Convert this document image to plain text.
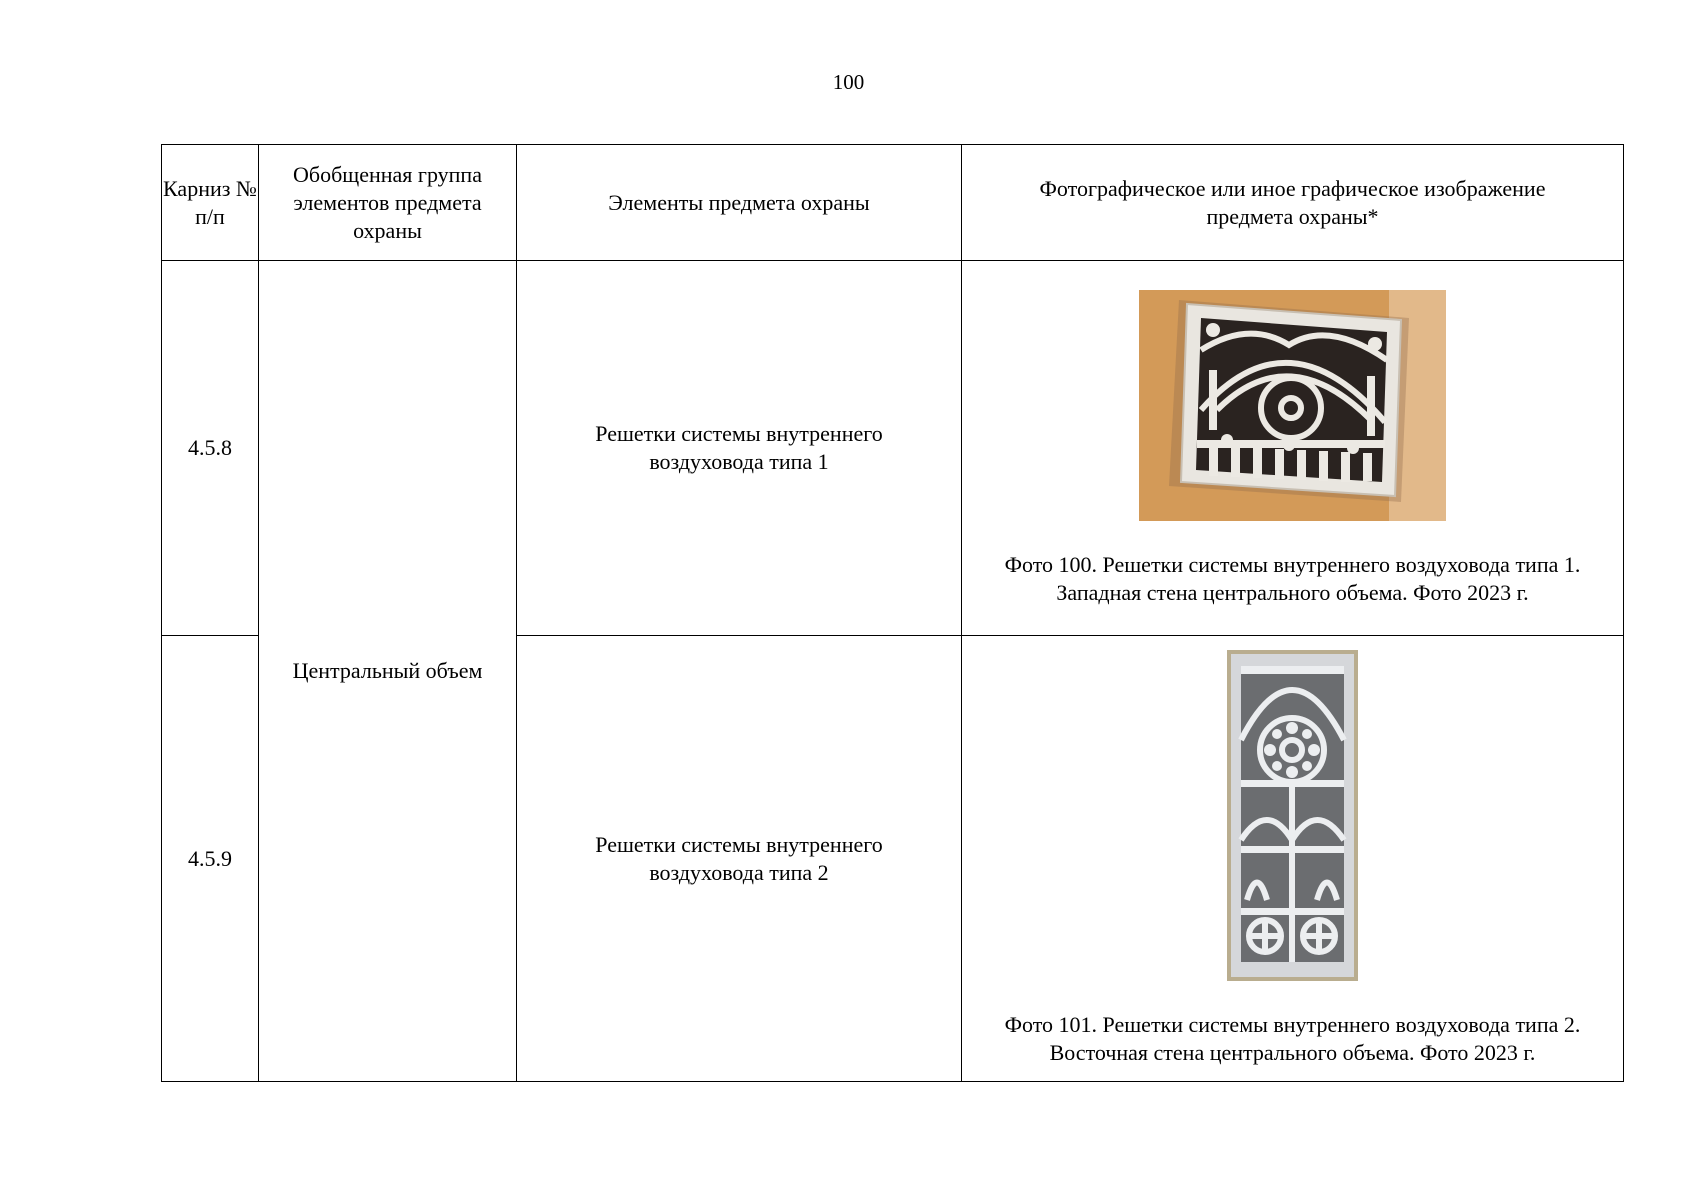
100
Карниз № п/п	Обобщенная группа элементов предмета охраны	Элементы предмета охраны	Фотографическое или иное графическое изображение предмета охраны*

4.5.8	Центральный объем	Решетки системы внутреннего воздуховода типа 1	Фото 100. Решетки системы внутреннего воздуховода типа 1. Западная стена центрального объема. Фото 2023 г.

4.5.9		Решетки системы внутреннего воздуховода типа 2	Фото 101. Решетки системы внутреннего воздуховода типа 2. Восточная стена центрального объема. Фото 2023 г.
